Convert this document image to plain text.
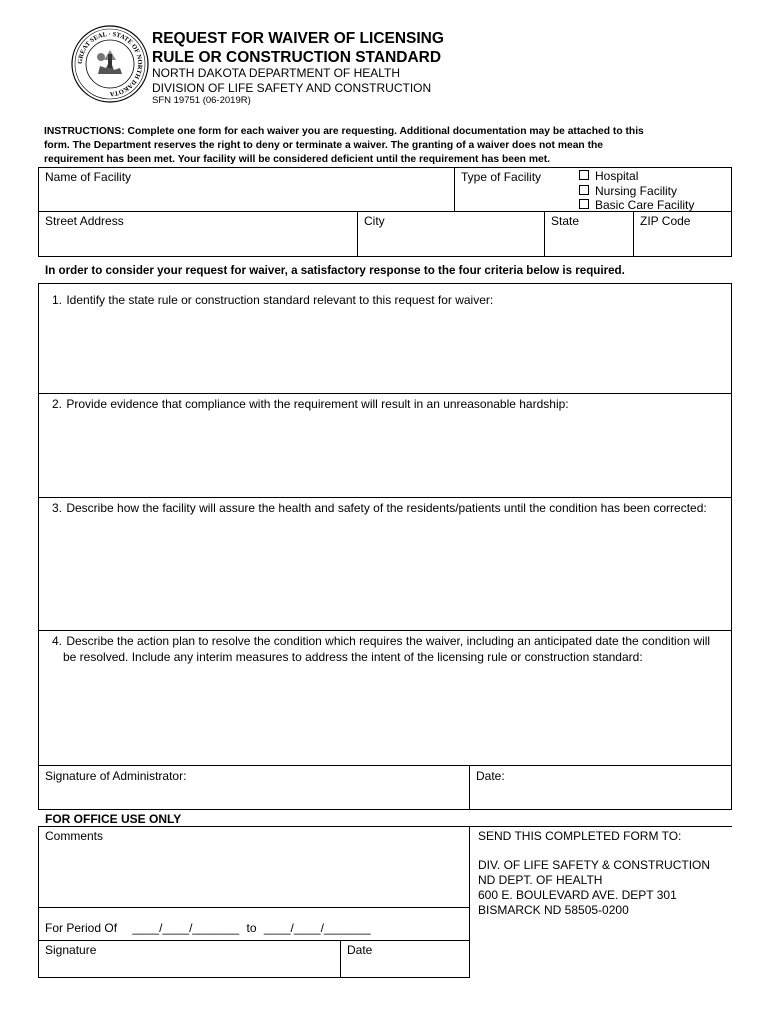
GREAT SEAL · STATE OF NORTH DAKOTA
REQUEST FOR WAIVER OF LICENSING
RULE OR CONSTRUCTION STANDARD
NORTH DAKOTA DEPARTMENT OF HEALTH
DIVISION OF LIFE SAFETY AND CONSTRUCTION
SFN 19751 (06-2019R)
INSTRUCTIONS: Complete one form for each waiver you are requesting. Additional documentation may be attached to this
form. The Department reserves the right to deny or terminate a waiver. The granting of a waiver does not mean the
requirement has been met. Your facility will be considered deficient until the requirement has been met.
Name of Facility	Type of Facility	Hospital
Nursing Facility
Basic Care Facility
Street Address	City	State	ZIP Code
In order to consider your request for waiver, a satisfactory response to the four criteria below is required.
1. Identify the state rule or construction standard relevant to this request for waiver:
2. Provide evidence that compliance with the requirement will result in an unreasonable hardship:
3. Describe how the facility will assure the health and safety of the residents/patients until the condition has been corrected:
4. Describe the action plan to resolve the condition which requires the waiver, including an anticipated date the condition will be resolved. Include any interim measures to address the intent of the licensing rule or construction standard:
Signature of Administrator:	Date:
FOR OFFICE USE ONLY
Comments
For Period Of ____/____/_______ to ____/____/_______
Signature	Date
SEND THIS COMPLETED FORM TO:
DIV. OF LIFE SAFETY & CONSTRUCTION
ND DEPT. OF HEALTH
600 E. BOULEVARD AVE. DEPT 301
BISMARCK ND 58505-0200
